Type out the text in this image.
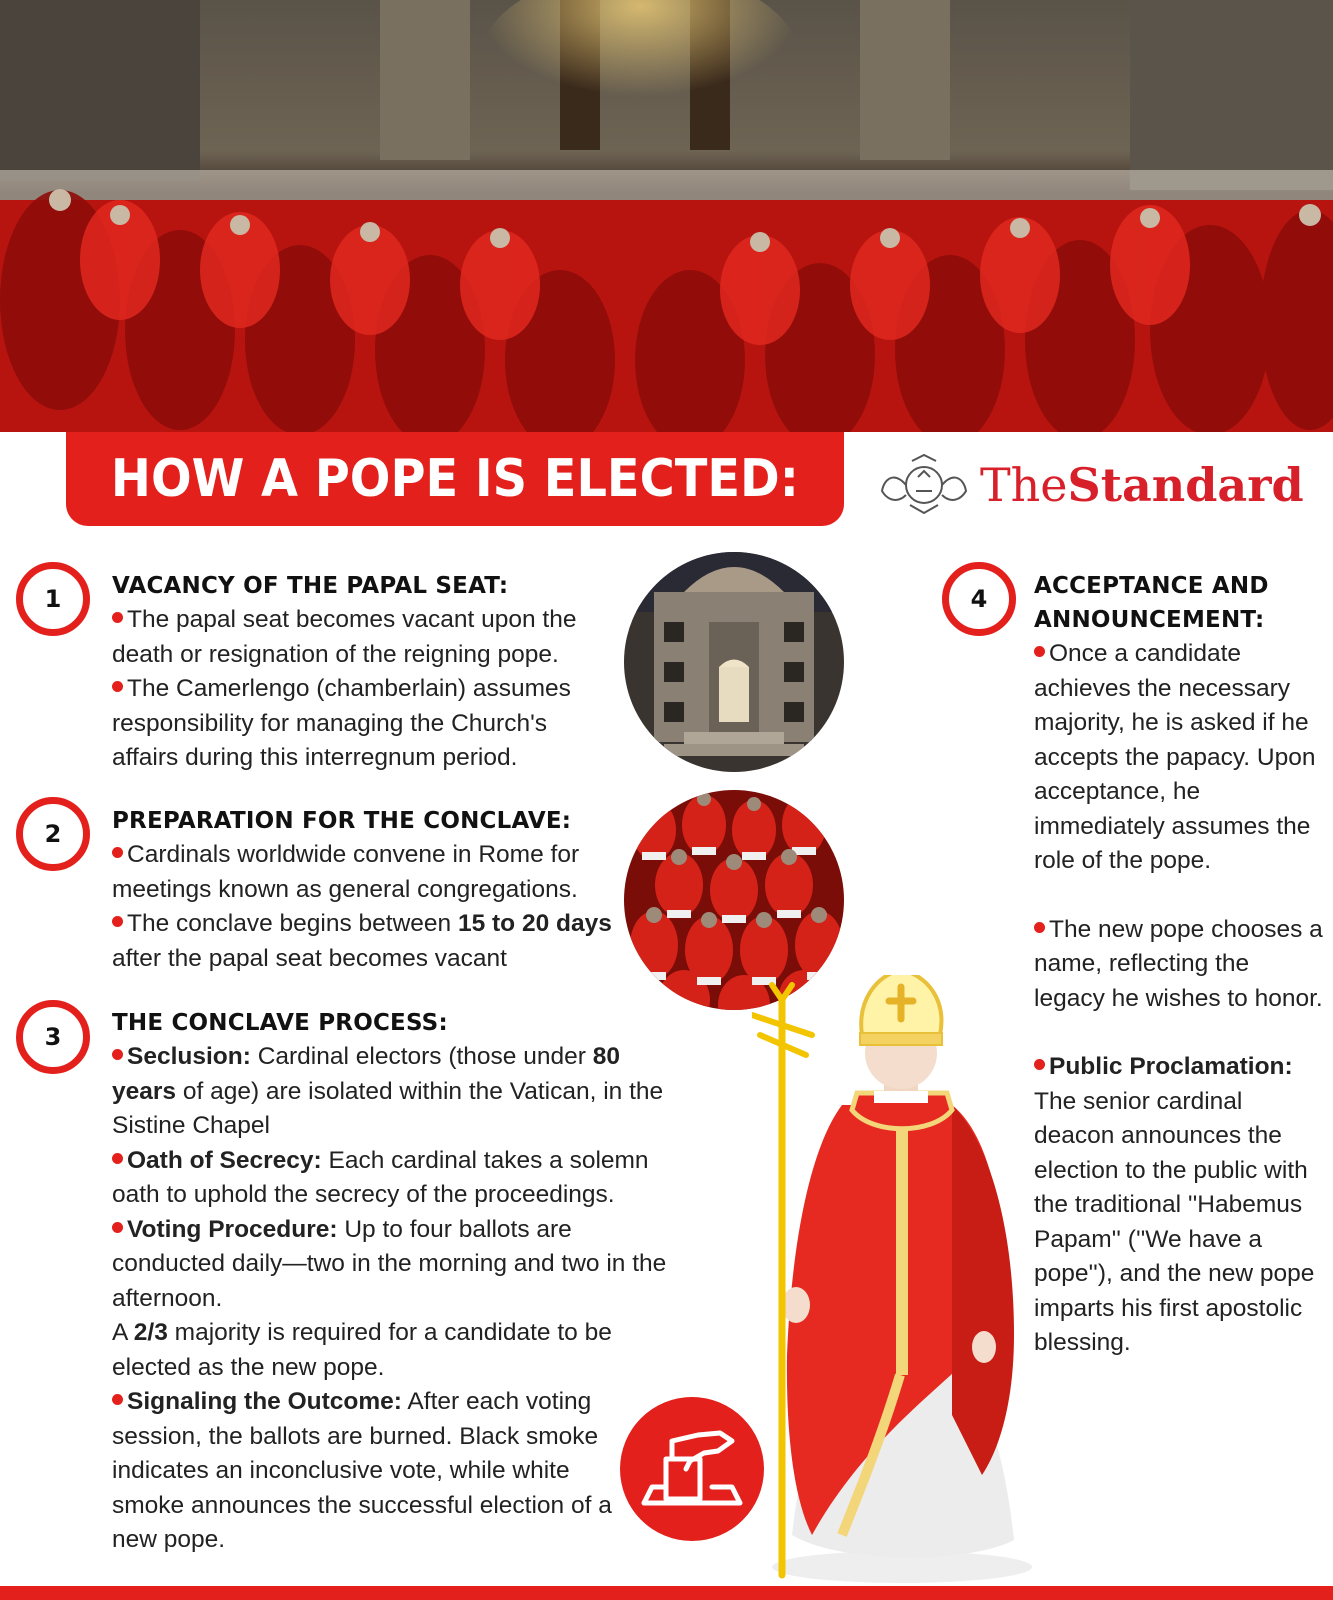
HOW A POPE IS ELECTED:	TheStandard
1	VACANCY OF THE PAPAL SEAT:

The papal seat becomes vacant upon the death or resignation of the reigning pope.

The Camerlengo (chamberlain) assumes responsibility for managing the Church's affairs during this interregnum period.

2	PREPARATION FOR THE CONCLAVE:

Cardinals worldwide convene in Rome for meetings known as general congregations.

The conclave begins between 15 to 20 days after the papal seat becomes vacant

3	THE CONCLAVE PROCESS:

Seclusion: Cardinal electors (those under 80 years of age) are isolated within the Vatican, in the Sistine Chapel

Oath of Secrecy: Each cardinal takes a solemn oath to uphold the secrecy of the proceedings.

Voting Procedure: Up to four ballots are conducted daily—two in the morning and two in the afternoon.

A 2/3 majority is required for a candidate to be elected as the new pope.

Signaling the Outcome: After each voting session, the ballots are burned. Black smoke indicates an inconclusive vote, while white smoke announces the successful election of a new pope.

4	ACCEPTANCE AND
ANNOUNCEMENT:

Once a candidate achieves the necessary majority, he is asked if he accepts the papacy. Upon acceptance, he immediately assumes the role of the pope.

The new pope chooses a name, reflecting the legacy he wishes to honor.

Public Proclamation:

The senior cardinal deacon announces the election to the public with the traditional ''Habemus Papam'' (''We have a pope''), and the new pope imparts his first apostolic blessing.
